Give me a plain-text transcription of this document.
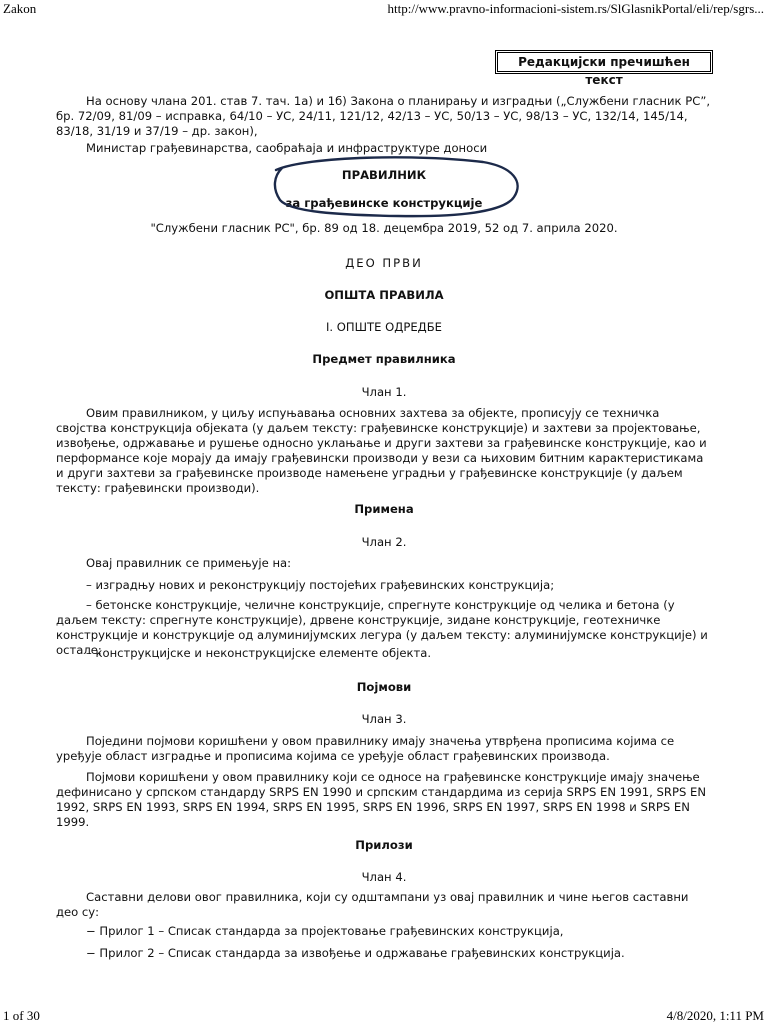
Zakon	http://www.pravno-informacioni-sistem.rs/SlGlasnikPortal/eli/rep/sgrs...
Редакцијски пречишћен текст

На основу члана 201. став 7. тач. 1а) и 1б) Закона о планирању и изградњи („Службени гласник РС”, бр. 72/09, 81/09 – исправка, 64/10 – УС, 24/11, 121/12, 42/13 – УС, 50/13 – УС, 98/13 – УС, 132/14, 145/14, 83/18, 31/19 и 37/19 – др. закон),

Министар грађевинарства, саобраћаја и инфраструктуре доноси

ПРАВИЛНИК

за грађевинске конструкције

"Службени гласник РС", бр. 89 од 18. децембра 2019, 52 од 7. априла 2020.

ДЕО ПРВИ

ОПШТА ПРАВИЛА

I. ОПШТЕ ОДРЕДБЕ

Предмет правилника

Члан 1.

Овим правилником, у циљу испуњавања основних захтева за објекте, прописују се техничка својства конструкција објеката (у даљем тексту: грађевинске конструкције) и захтеви за пројектовање, извођење, одржавање и рушење односно уклањање и други захтеви за грађевинске конструкције, као и перформансе које морају да имају грађевински производи у вези са њиховим битним карактеристикама и други захтеви за грађевинске производе намењене уградњи у грађевинске конструкције (у даљем тексту: грађевински производи).

Примена

Члан 2.

Овај правилник се примењује на:

– изградњу нових и реконструкцију постојећих грађевинских конструкција;

– бетонске конструкције, челичне конструкције, спрегнуте конструкције од челика и бетона (у даљем тексту: спрегнуте конструкције), дрвене конструкције, зидане конструкције, геотехничке конструкције и конструкције од алуминијумских легура (у даљем тексту: алуминијумске конструкције) и остале;

– конструкцијске и неконструкцијске елементе објекта.

Појмови

Члан 3.

Поједини појмови коришћени у овом правилнику имају значења утврђена прописима којима се уређује област изградње и прописима којима се уређује област грађевинских производа.

Појмови коришћени у овом правилнику који се односе на грађевинске конструкције имају значење дефинисано у српском стандарду SRPS EN 1990 и српским стандардима из серија SRPS EN 1991, SRPS EN 1992, SRPS EN 1993, SRPS EN 1994, SRPS EN 1995, SRPS EN 1996, SRPS EN 1997, SRPS EN 1998 и SRPS EN 1999.

Прилози

Члан 4.

Саставни делови овог правилника, који су одштампани уз овај правилник и чине његов саставни део су:

− Прилог 1 – Списак стандарда за пројектовање грађевинских конструкција,

− Прилог 2 – Списак стандарда за извођење и одржавање грађевинских конструкција.

1 of 30	4/8/2020, 1:11 PM
